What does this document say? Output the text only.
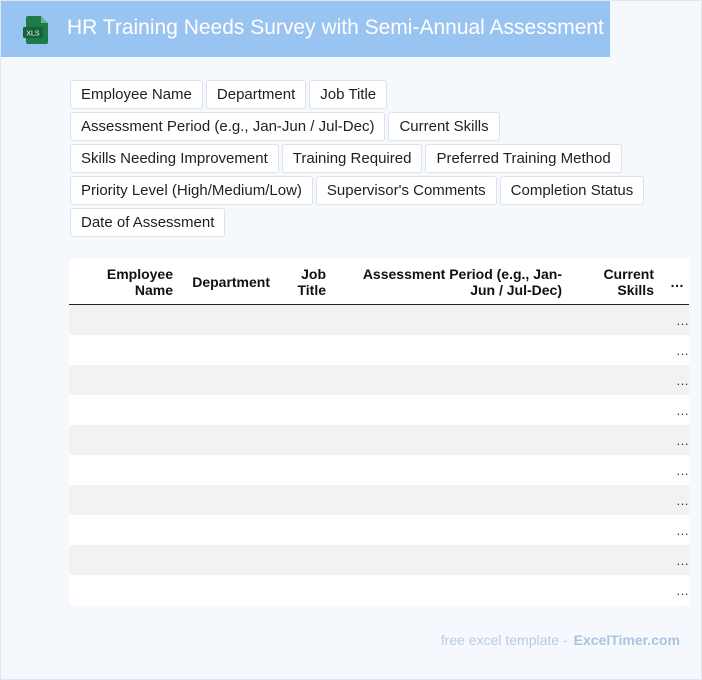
XLS HR Training Needs Survey with Semi-Annual Assessment
Employee Name	Department	Job Title
Assessment Period (e.g., Jan-Jun / Jul-Dec)	Current Skills
Skills Needing Improvement	Training Required	Preferred Training Method
Priority Level (High/Medium/Low)	Supervisor's Comments	Completion Status
Date of Assessment
Employee Name	Department	Job Title	Assessment Period (e.g., Jan-Jun / Jul-Dec)	Current Skills	…
					…
					…
					…
					…
					…
					…
					…
					…
					…
					…
free excel template - ExcelTimer.com
